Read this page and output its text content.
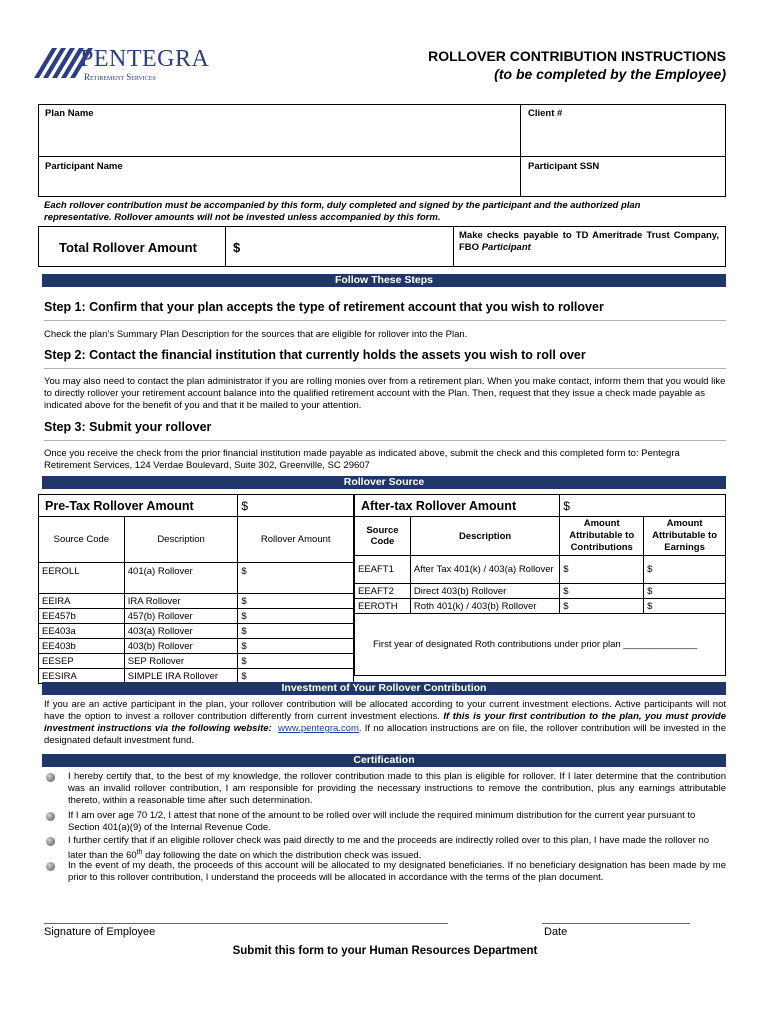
PENTEGRA
Retirement Services
ROLLOVER CONTRIBUTION INSTRUCTIONS
(to be completed by the Employee)
Plan Name	Client #
Participant Name	Participant SSN
Each rollover contribution must be accompanied by this form, duly completed and signed by the participant and the authorized plan representative. Rollover amounts will not be invested unless accompanied by this form.
Total Rollover Amount	$
Make checks payable to TD Ameritrade Trust Company, FBO Participant
Follow These Steps
Step 1: Confirm that your plan accepts the type of retirement account that you wish to rollover
Check the plan’s Summary Plan Description for the sources that are eligible for rollover into the Plan.
Step 2: Contact the financial institution that currently holds the assets you wish to roll over
You may also need to contact the plan administrator if you are rolling monies over from a retirement plan. When you make contact, inform them that you would like to directly rollover your retirement account balance into the qualified retirement account with the Plan. Then, request that they issue a check made payable as indicated above for the benefit of you and that it be mailed to your attention.
Step 3: Submit your rollover
Once you receive the check from the prior financial institution made payable as indicated above, submit the check and this completed form to: Pentegra Retirement Services, 124 Verdae Boulevard, Suite 302, Greenville, SC 29607
Rollover Source
Pre-Tax Rollover Amount		$
Source Code	Description	Rollover Amount
EEROLL	401(a) Rollover	$
EEIRA	IRA Rollover	$
EE457b	457(b) Rollover	$
EE403a	403(a) Rollover	$
EE403b	403(b) Rollover	$
EESEP	SEP Rollover	$
EESIRA	SIMPLE IRA Rollover	$
After-tax Rollover Amount		$	
Source Code	Description	Amount Attributable to Contributions	Amount Attributable to Earnings
EEAFT1	After Tax 401(k) / 403(a) Rollover	$	$
EEAFT2	Direct 403(b) Rollover	$	$
EEROTH	Roth 401(k) / 403(b) Rollover	$	$
First year of designated Roth contributions under prior plan ______________			
Investment of Your Rollover Contribution
If you are an active participant in the plan, your rollover contribution will be allocated according to your current investment elections. Active participants will not have the option to invest a rollover contribution differently from current investment elections. If this is your first contribution to the plan, you must provide investment instructions via the following website: www.pentegra.com. If no allocation instructions are on file, the rollover contribution will be invested in the designated default investment fund.
Certification
I hereby certify that, to the best of my knowledge, the rollover contribution made to this plan is eligible for rollover. If I later determine that the contribution was an invalid rollover contribution, I am responsible for providing the necessary instructions to remove the contribution, plus any earnings attributable thereto, within a reasonable time after such determination.
If I am over age 70 1/2, I attest that none of the amount to be rolled over will include the required minimum distribution for the current year pursuant to Section 401(a)(9) of the Internal Revenue Code.
I further certify that if an eligible rollover check was paid directly to me and the proceeds are indirectly rolled over to this plan, I have made the rollover no later than the 60th day following the date on which the distribution check was issued.
In the event of my death, the proceeds of this account will be allocated to my designated beneficiaries. If no beneficiary designation has been made by me prior to this rollover contribution, I understand the proceeds will be allocated in accordance with the terms of the plan document.
Signature of Employee	Date
Submit this form to your Human Resources Department
